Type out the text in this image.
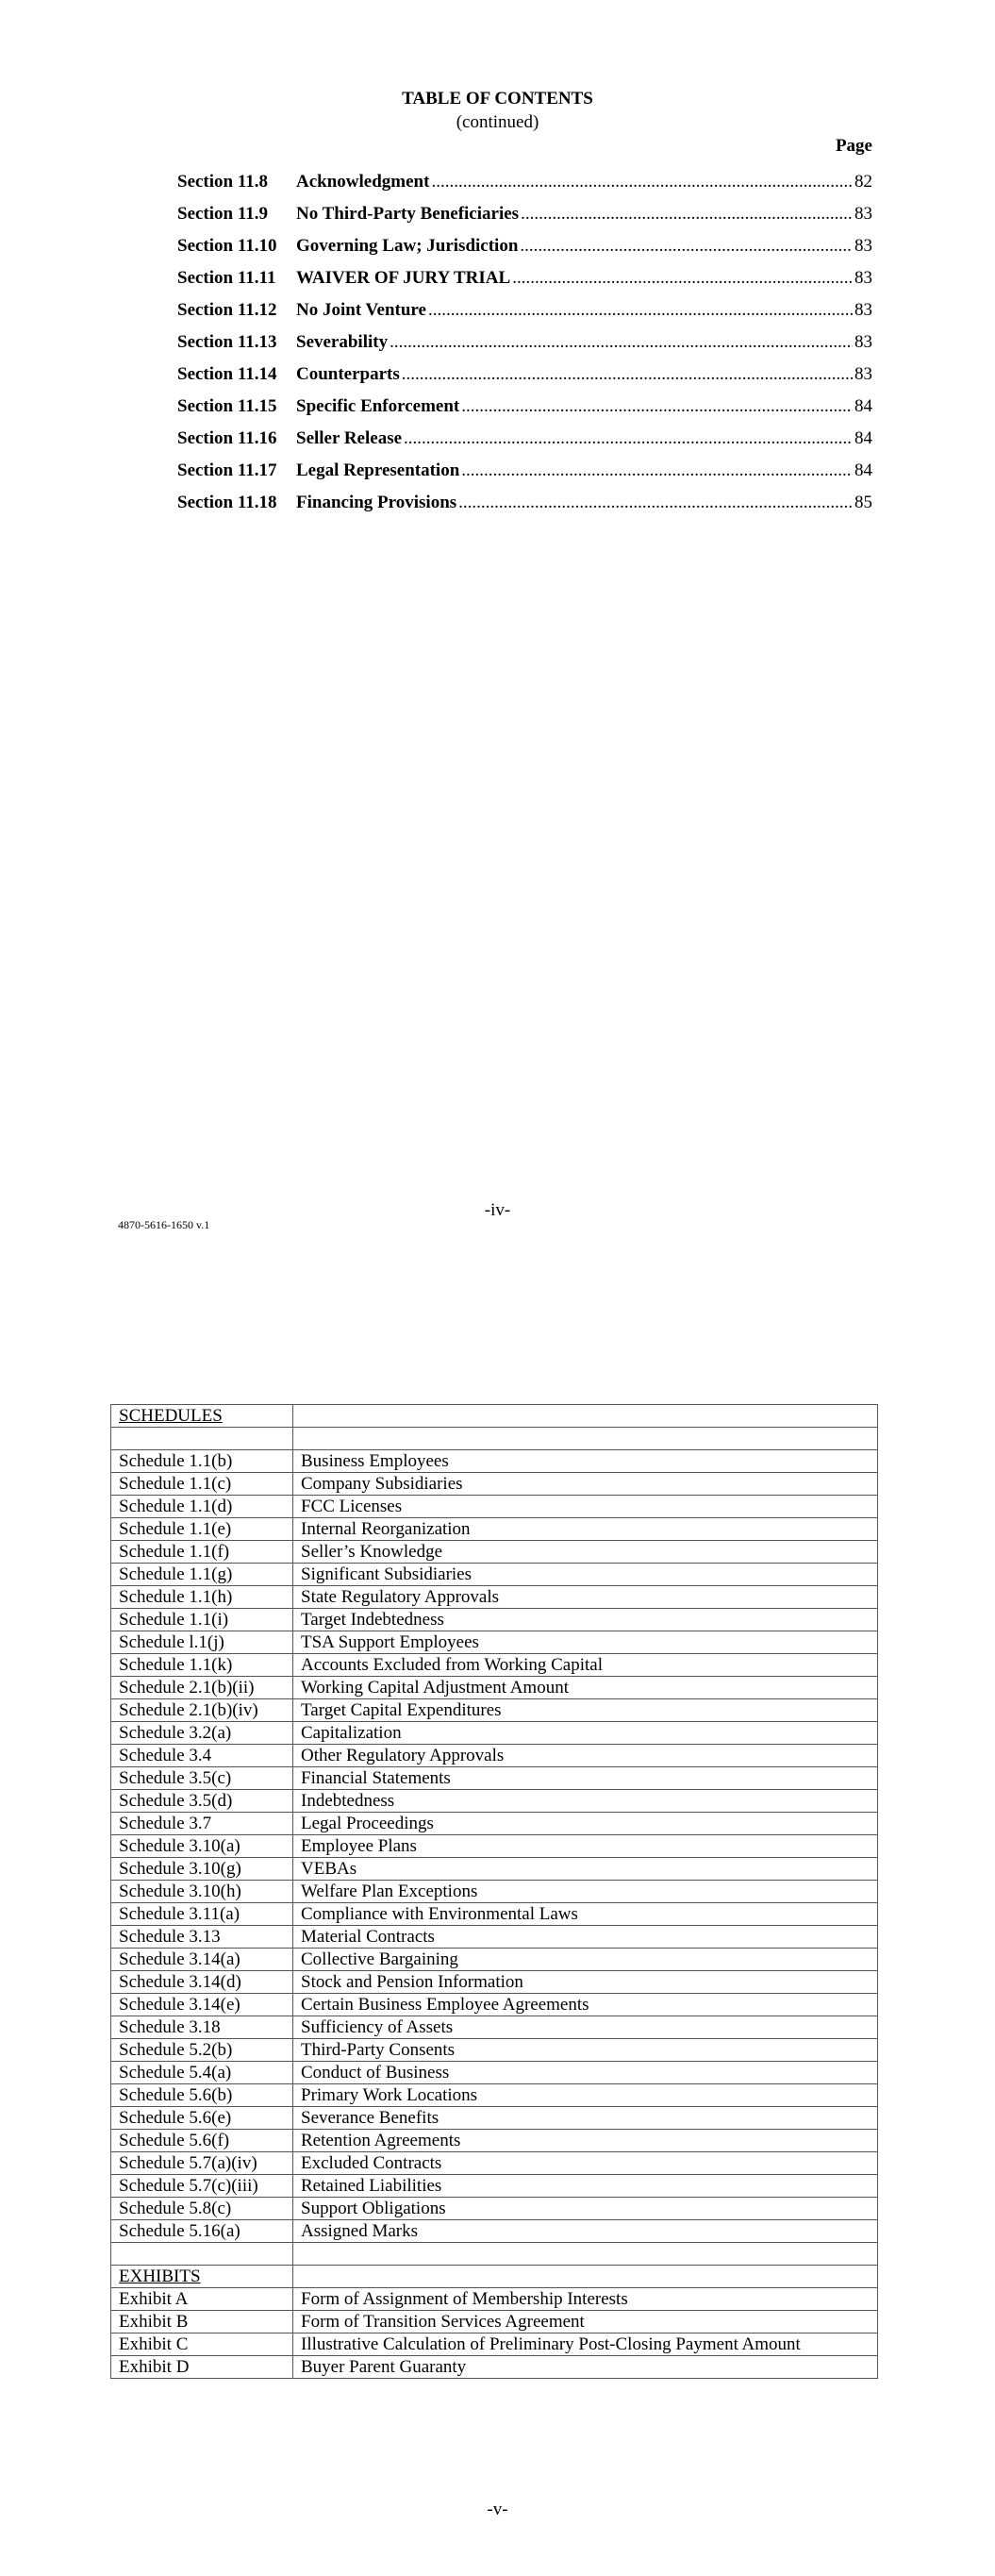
TABLE OF CONTENTS
(continued)
Page
Section 11.8	Acknowledgment .....	82
Section 11.9	No Third-Party Beneficiaries .....	83
Section 11.10	Governing Law; Jurisdiction .....	83
Section 11.11	WAIVER OF JURY TRIAL .....	83
Section 11.12	No Joint Venture .....	83
Section 11.13	Severability .....	83
Section 11.14	Counterparts .....	83
Section 11.15	Specific Enforcement .....	84
Section 11.16	Seller Release .....	84
Section 11.17	Legal Representation .....	84
Section 11.18	Financing Provisions .....	85
-iv-
4870-5616-1650 v.1
SCHEDULES	

Schedule 1.1(b)	Business Employees
Schedule 1.1(c)	Company Subsidiaries
Schedule 1.1(d)	FCC Licenses
Schedule 1.1(e)	Internal Reorganization
Schedule 1.1(f)	Seller’s Knowledge
Schedule 1.1(g)	Significant Subsidiaries
Schedule 1.1(h)	State Regulatory Approvals
Schedule 1.1(i)	Target Indebtedness
Schedule l.1(j)	TSA Support Employees
Schedule 1.1(k)	Accounts Excluded from Working Capital
Schedule 2.1(b)(ii)	Working Capital Adjustment Amount
Schedule 2.1(b)(iv)	Target Capital Expenditures
Schedule 3.2(a)	Capitalization
Schedule 3.4	Other Regulatory Approvals
Schedule 3.5(c)	Financial Statements
Schedule 3.5(d)	Indebtedness
Schedule 3.7	Legal Proceedings
Schedule 3.10(a)	Employee Plans
Schedule 3.10(g)	VEBAs
Schedule 3.10(h)	Welfare Plan Exceptions
Schedule 3.11(a)	Compliance with Environmental Laws
Schedule 3.13	Material Contracts
Schedule 3.14(a)	Collective Bargaining
Schedule 3.14(d)	Stock and Pension Information
Schedule 3.14(e)	Certain Business Employee Agreements
Schedule 3.18	Sufficiency of Assets
Schedule 5.2(b)	Third-Party Consents
Schedule 5.4(a)	Conduct of Business
Schedule 5.6(b)	Primary Work Locations
Schedule 5.6(e)	Severance Benefits
Schedule 5.6(f)	Retention Agreements
Schedule 5.7(a)(iv)	Excluded Contracts
Schedule 5.7(c)(iii)	Retained Liabilities
Schedule 5.8(c)	Support Obligations
Schedule 5.16(a)	Assigned Marks

EXHIBITS	
Exhibit A	Form of Assignment of Membership Interests
Exhibit B	Form of Transition Services Agreement
Exhibit C	Illustrative Calculation of Preliminary Post-Closing Payment Amount
Exhibit D	Buyer Parent Guaranty
-v-
